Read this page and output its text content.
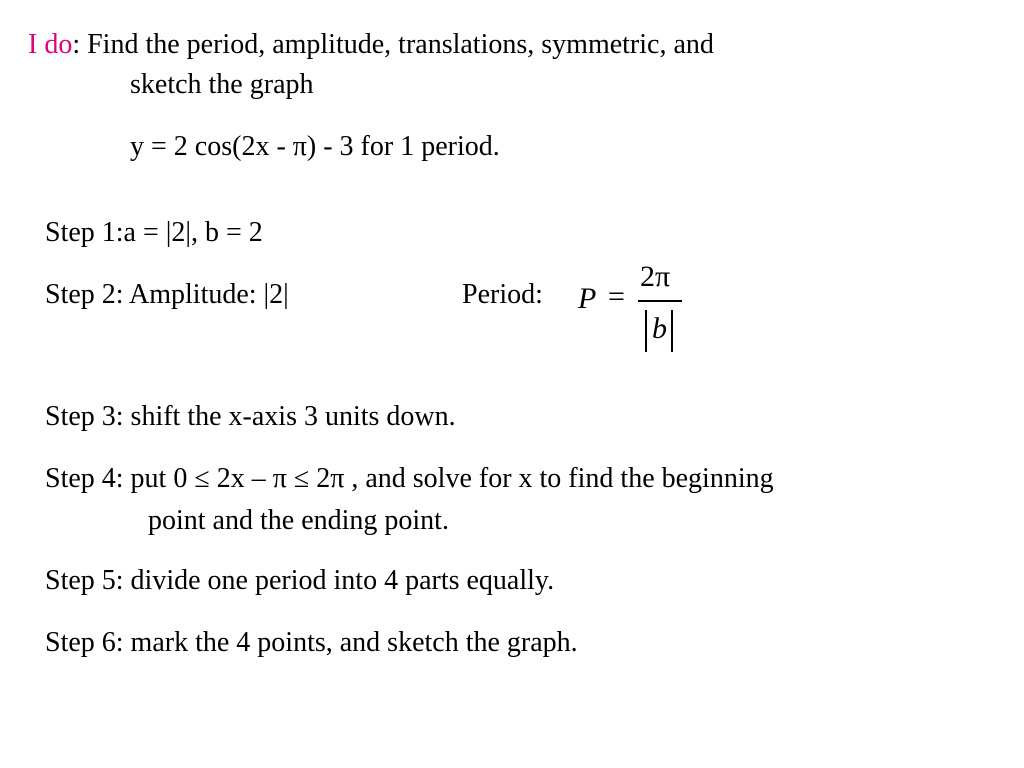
I do: Find the period, amplitude, translations, symmetric, and
sketch the graph
y = 2 cos(2x - π) - 3 for 1 period.
Step 1:a = |2|, b = 2
Step 2: Amplitude: |2|	Period: P =
2π
b
Step 3: shift the x-axis 3 units down.
Step 4: put 0 ≤ 2x – π ≤ 2π , and solve for x to find the beginning
point and the ending point.
Step 5: divide one period into 4 parts equally.
Step 6: mark the 4 points, and sketch the graph.
